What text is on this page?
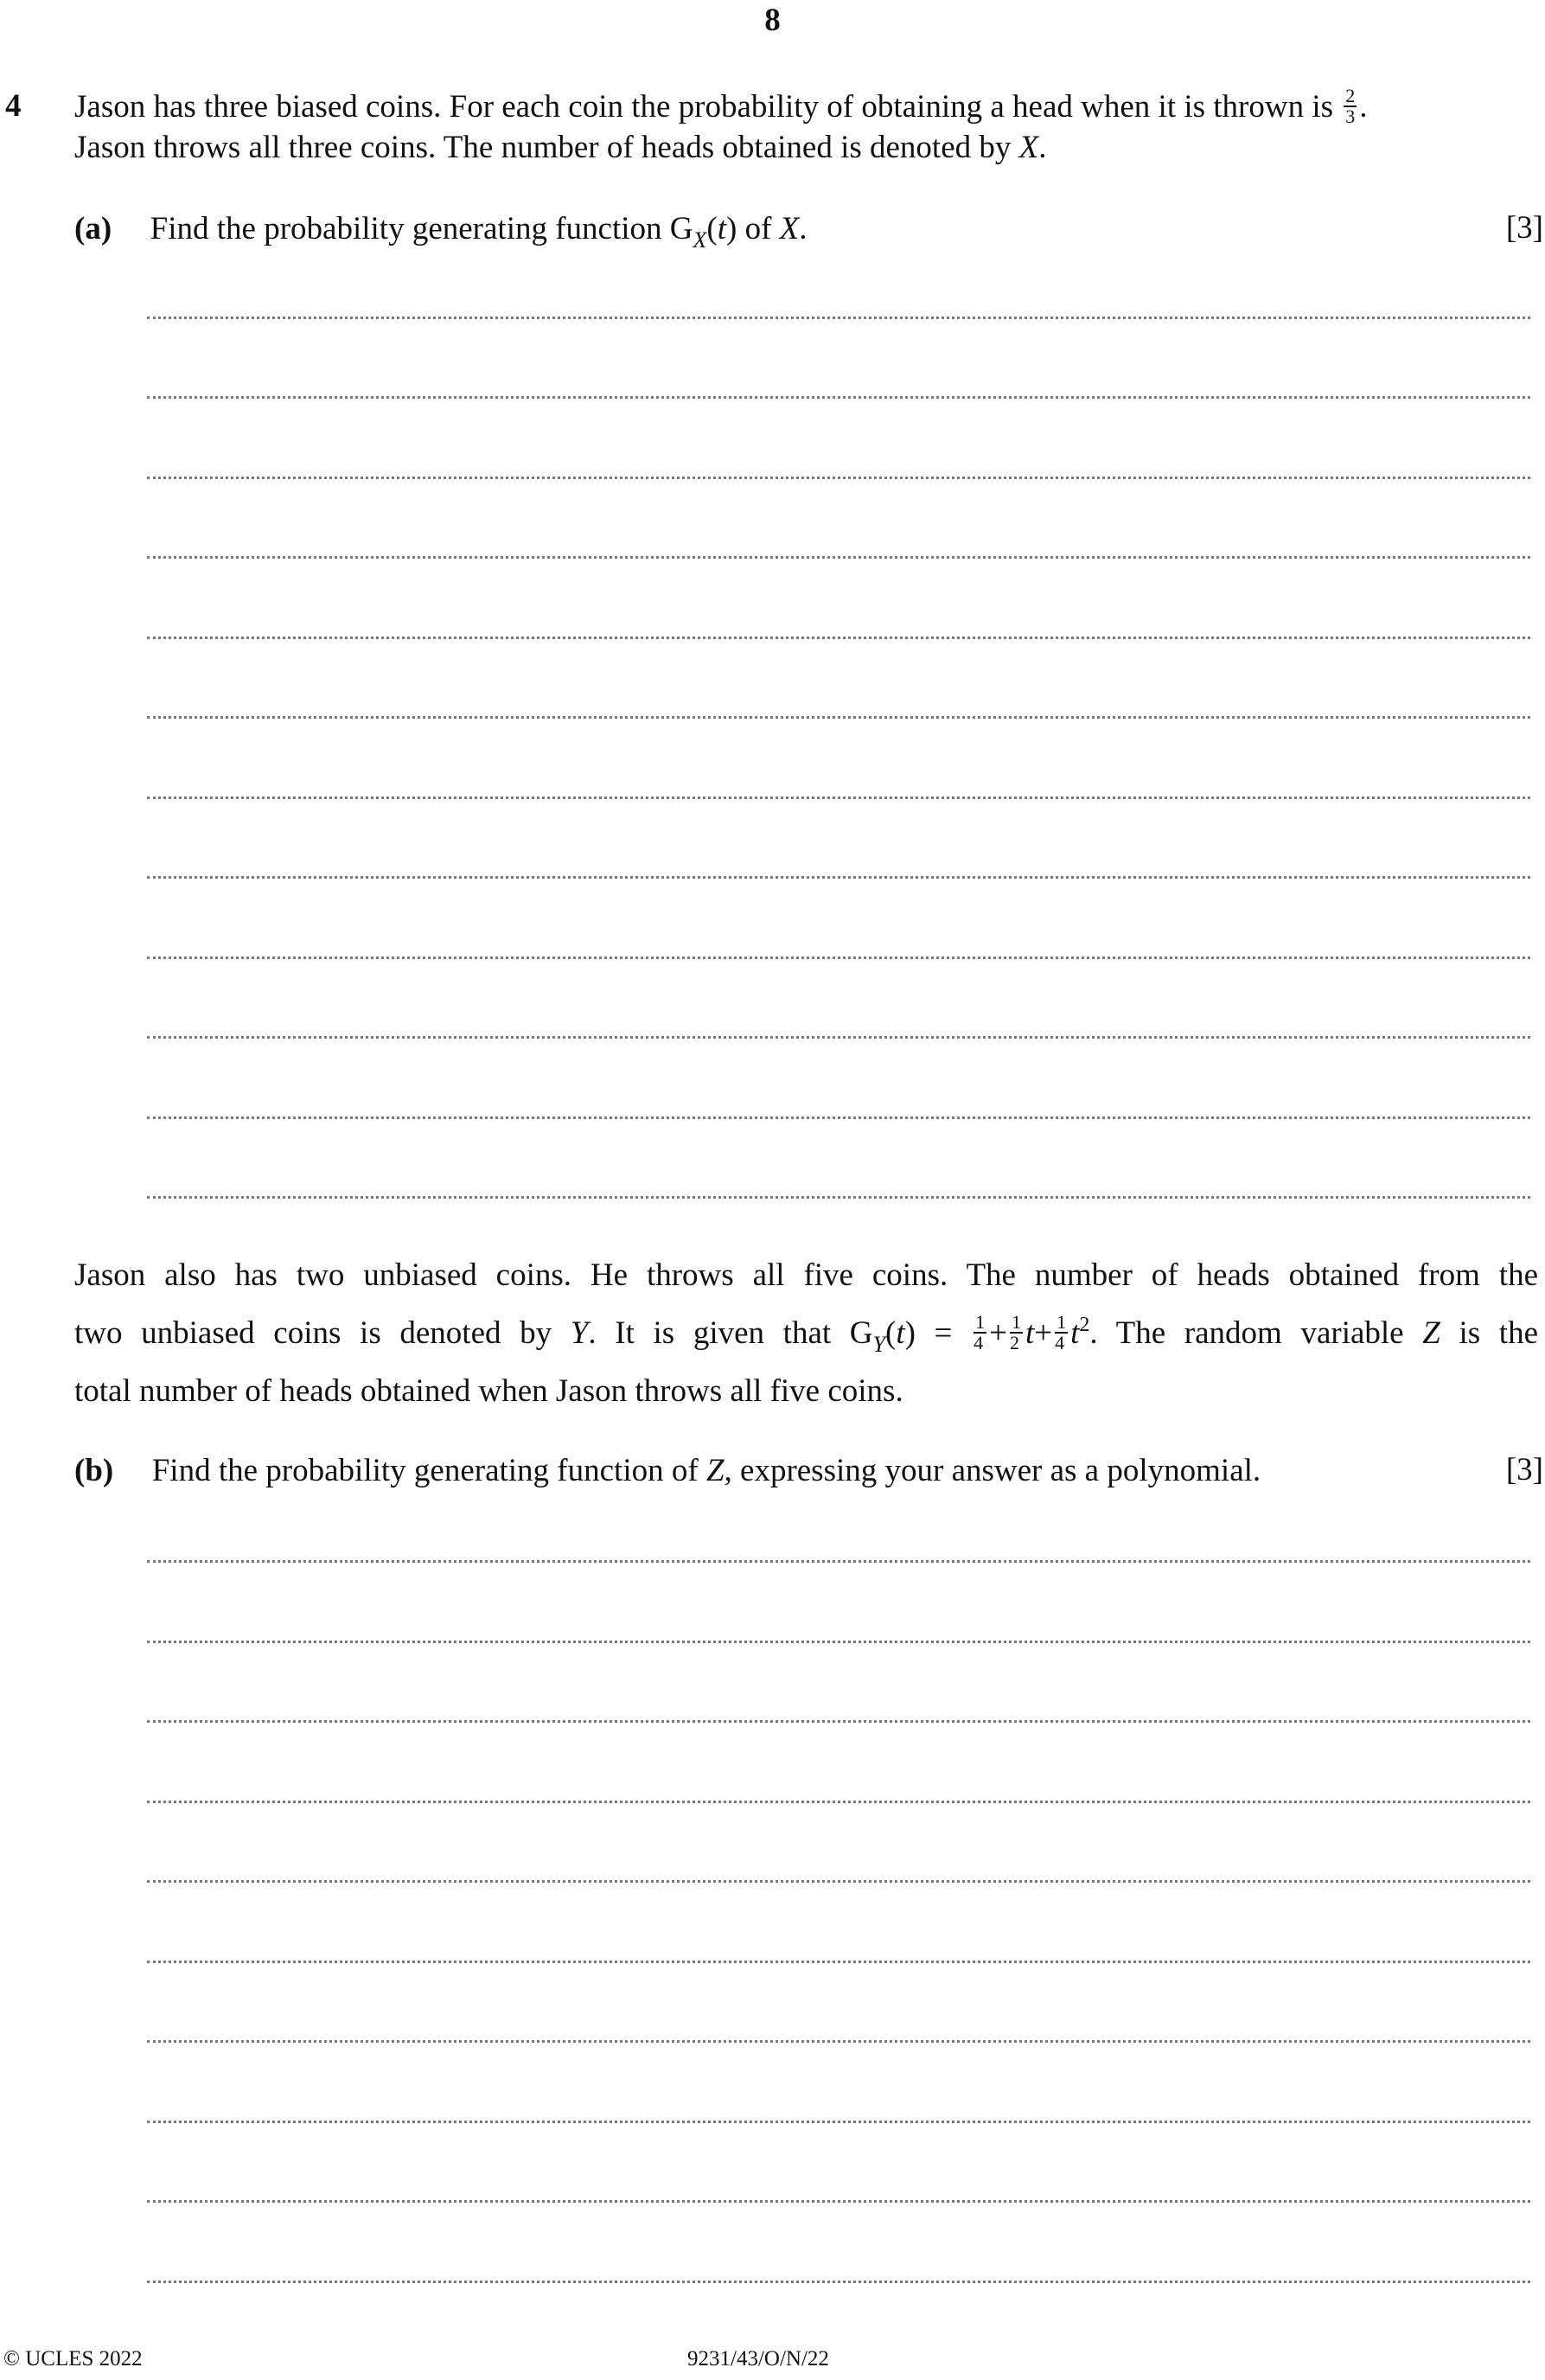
8
4 Jason has three biased coins. For each coin the probability of obtaining a head when it is thrown is $\frac{2}{3}$ .
Jason throws all three coins. The number of heads obtained is denoted by X.
(a) Find the probability generating function $G_X(t)$ of X.	[3]
Jason also has two unbiased coins. He throws all five coins. The number of heads obtained from the
two unbiased coins is denoted by Y. It is given that $G_Y(t) = \frac{1}{4} + \frac{1}{2} t+ \frac{1}{4} t^2$. The random variable Z is the
total number of heads obtained when Jason throws all five coins.
(b) Find the probability generating function of Z, expressing your answer as a polynomial.	[3]
© UCLES 2022	9231/43/O/N/22
